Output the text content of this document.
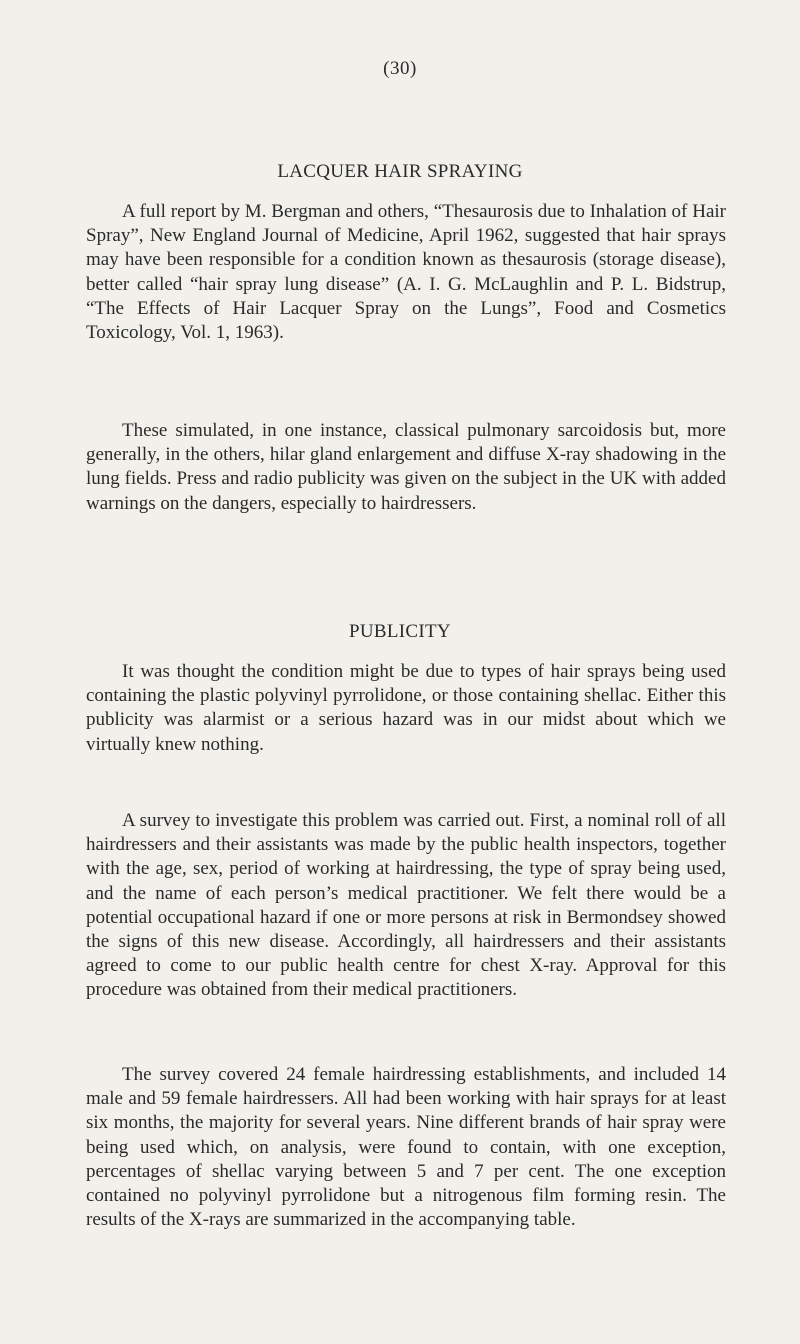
(30)
LACQUER HAIR SPRAYING

A full report by M. Bergman and others, “Thesaurosis due to Inhalation of Hair Spray”, New England Journal of Medicine, April 1962, suggested that hair sprays may have been responsible for a condition known as thesaurosis (storage disease), better called “hair spray lung disease” (A. I. G. McLaughlin and P. L. Bidstrup, “The Effects of Hair Lacquer Spray on the Lungs”, Food and Cosmetics Toxicology, Vol. 1, 1963).

These simulated, in one instance, classical pulmonary sarcoidosis but, more generally, in the others, hilar gland enlargement and diffuse X-ray shadowing in the lung fields. Press and radio publicity was given on the subject in the UK with added warnings on the dangers, especially to hairdressers.

PUBLICITY

It was thought the condition might be due to types of hair sprays being used containing the plastic polyvinyl pyrrolidone, or those containing shellac. Either this publicity was alarmist or a serious hazard was in our midst about which we virtually knew nothing.

A survey to investigate this problem was carried out. First, a nominal roll of all hairdressers and their assistants was made by the public health inspectors, together with the age, sex, period of working at hairdressing, the type of spray being used, and the name of each person’s medical practitioner. We felt there would be a potential occupational hazard if one or more persons at risk in Bermondsey showed the signs of this new disease. Accordingly, all hairdressers and their assistants agreed to come to our public health centre for chest X-ray. Approval for this procedure was obtained from their medical practitioners.

The survey covered 24 female hairdressing establishments, and included 14 male and 59 female hairdressers. All had been working with hair sprays for at least six months, the majority for several years. Nine different brands of hair spray were being used which, on analysis, were found to contain, with one exception, percentages of shellac varying between 5 and 7 per cent. The one exception contained no polyvinyl pyrrolidone but a nitrogenous film forming resin. The results of the X-rays are summarized in the accompanying table.
